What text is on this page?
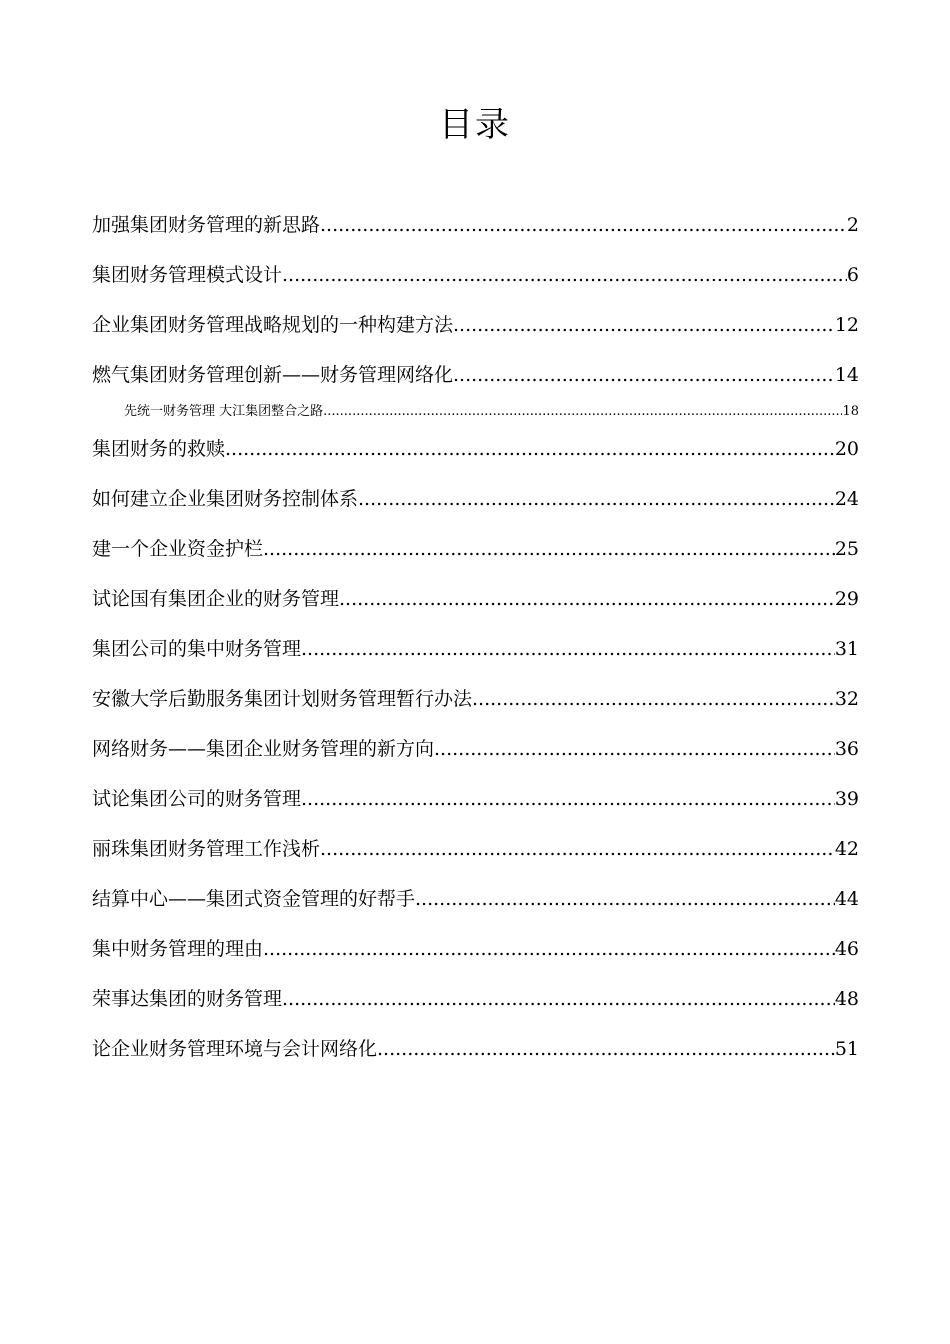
目录
加强集团财务管理的新思路 .....	2
集团财务管理模式设计 .....	6
企业集团财务管理战略规划的一种构建方法 .....	12
燃气集团财务管理创新——财务管理网络化 .....	14
先统一财务管理 大江集团整合之路 .....	18
集团财务的救赎 .....	20
如何建立企业集团财务控制体系 .....	24
建一个企业资金护栏 .....	25
试论国有集团企业的财务管理 .....	29
集团公司的集中财务管理 .....	31
安徽大学后勤服务集团计划财务管理暂行办法 .....	32
网络财务——集团企业财务管理的新方向 .....	36
试论集团公司的财务管理 .....	39
丽珠集团财务管理工作浅析 .....	42
结算中心——集团式资金管理的好帮手 .....	44
集中财务管理的理由 .....	46
荣事达集团的财务管理 .....	48
论企业财务管理环境与会计网络化 .....	51
